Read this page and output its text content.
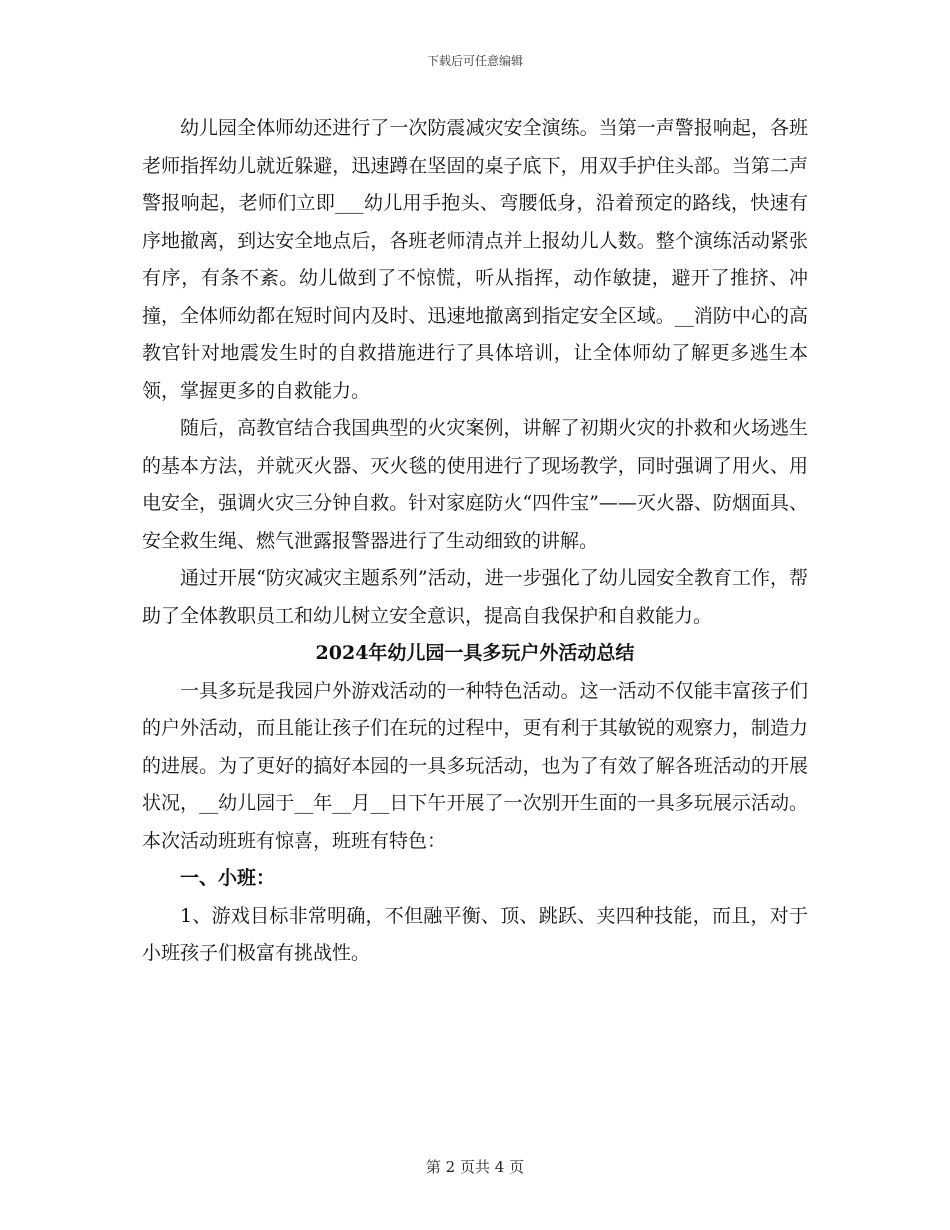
下载后可任意编辑

幼儿园全体师幼还进行了一次防震减灾安全演练。当第一声警报响起，各班老师指挥幼儿就近躲避，迅速蹲在坚固的桌子底下，用双手护住头部。当第二声警报响起，老师们立即___幼儿用手抱头、弯腰低身，沿着预定的路线，快速有序地撤离，到达安全地点后，各班老师清点并上报幼儿人数。整个演练活动紧张有序，有条不紊。幼儿做到了不惊慌，听从指挥，动作敏捷，避开了推挤、冲撞，全体师幼都在短时间内及时、迅速地撤离到指定安全区域。__消防中心的高教官针对地震发生时的自救措施进行了具体培训，让全体师幼了解更多逃生本领，掌握更多的自救能力。

随后，高教官结合我国典型的火灾案例，讲解了初期火灾的扑救和火场逃生的基本方法，并就灭火器、灭火毯的使用进行了现场教学，同时强调了用火、用电安全，强调火灾三分钟自救。针对家庭防火“四件宝”——灭火器、防烟面具、安全救生绳、燃气泄露报警器进行了生动细致的讲解。

通过开展“防灾减灾主题系列”活动，进一步强化了幼儿园安全教育工作，帮助了全体教职员工和幼儿树立安全意识，提高自我保护和自救能力。

2024年幼儿园一具多玩户外活动总结

一具多玩是我园户外游戏活动的一种特色活动。这一活动不仅能丰富孩子们的户外活动，而且能让孩子们在玩的过程中，更有利于其敏锐的观察力，制造力的进展。为了更好的搞好本园的一具多玩活动，也为了有效了解各班活动的开展状况，__幼儿园于__年__月__日下午开展了一次别开生面的一具多玩展示活动。本次活动班班有惊喜，班班有特色：

一、小班：

1、游戏目标非常明确，不但融平衡、顶、跳跃、夹四种技能，而且，对于小班孩子们极富有挑战性。

第 2 页共 4 页
